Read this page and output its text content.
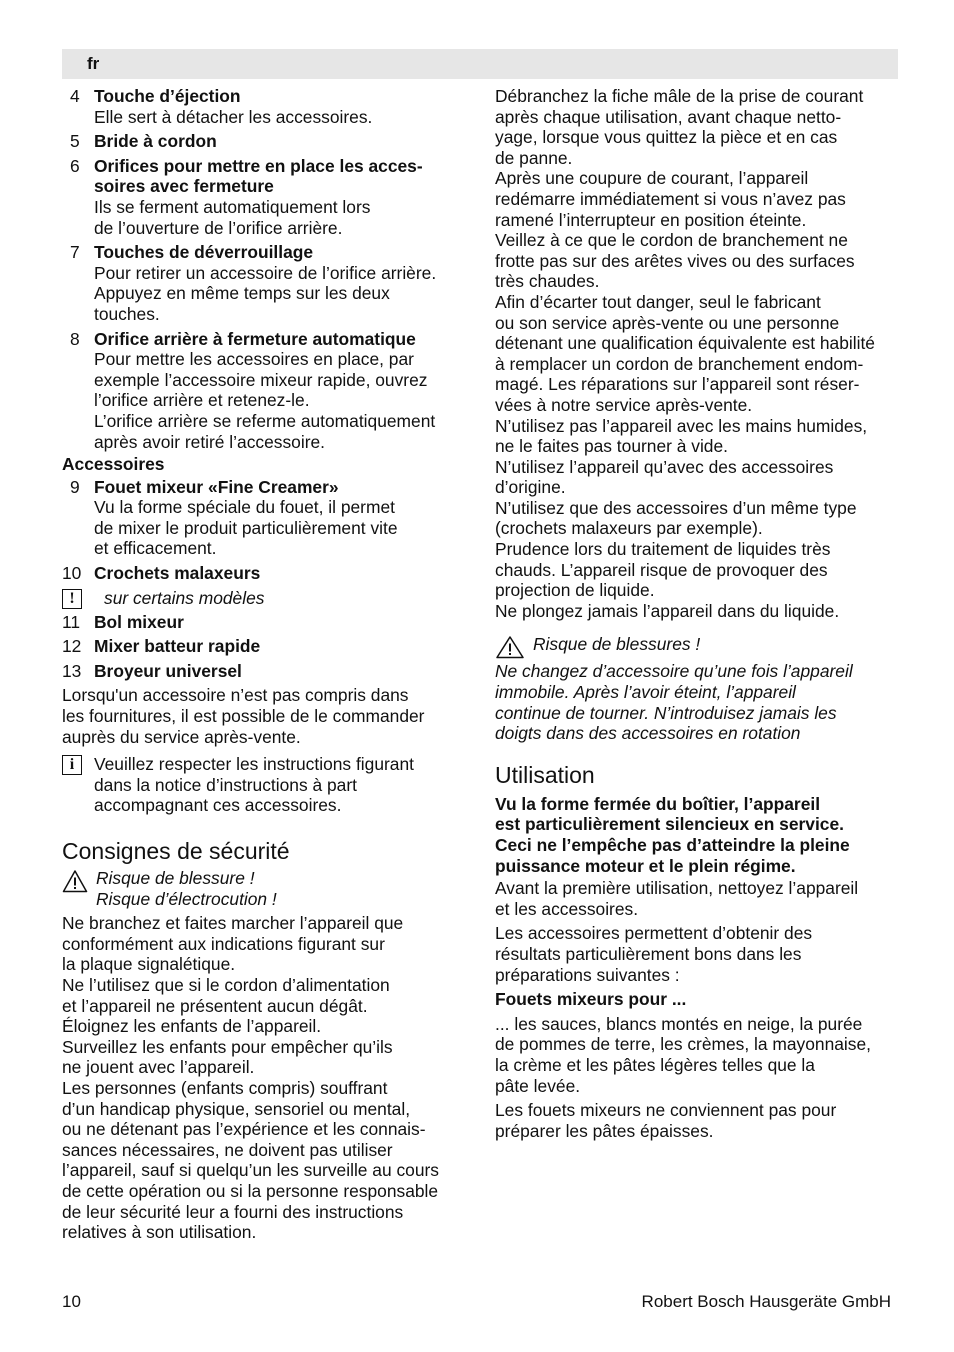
fr
4 Touche d’éjection

Elle sert à détacher les accessoires.

5 Bride à cordon

6 Orifices pour mettre en place les acces-

soires avec fermeture

Ils se ferment automatiquement lors

de l’ouverture de l’orifice arrière.

7 Touches de déverrouillage

Pour retirer un accessoire de l’orifice arrière.

Appuyez en même temps sur les deux

touches.

8 Orifice arrière à fermeture automatique

Pour mettre les accessoires en place, par

exemple l’accessoire mixeur rapide, ouvrez

l’orifice arrière et retenez-le.

L’orifice arrière se referme automatiquement

après avoir retiré l’accessoire.

Accessoires

9 Fouet mixeur «Fine Creamer»

Vu la forme spéciale du fouet, il permet

de mixer le produit particulièrement vite

et efficacement.

10 Crochets malaxeurs

!	sur certains modèles

11 Bol mixeur

12 Mixer batteur rapide

13 Broyeur universel

Lorsqu'un accessoire n’est pas compris dans

les fournitures, il est possible de le commander

auprès du service après-vente.

i	Veuillez respecter les instructions figurant

dans la notice d’instructions à part

accompagnant ces accessoires.

Consignes de sécurité

Risque de blessure !

Risque d’électrocution !

Ne branchez et faites marcher l’appareil que

conformément aux indications figurant sur

la plaque signalétique.

Ne l’utilisez que si le cordon d’alimentation

et l’appareil ne présentent aucun dégât.

Éloignez les enfants de l’appareil.

Surveillez les enfants pour empêcher qu’ils

ne jouent avec l’appareil.

Les personnes (enfants compris) souffrant

d’un handicap physique, sensoriel ou mental,

ou ne détenant pas l’expérience et les connais-

sances nécessaires, ne doivent pas utiliser

l’appareil, sauf si quelqu’un les surveille au cours

de cette opération ou si la personne responsable

de leur sécurité leur a fourni des instructions

relatives à son utilisation.

Débranchez la fiche mâle de la prise de courant

après chaque utilisation, avant chaque netto-

yage, lorsque vous quittez la pièce et en cas

de panne.

Après une coupure de courant, l’appareil

redémarre immédiatement si vous n’avez pas

ramené l’interrupteur en position éteinte.

Veillez à ce que le cordon de branchement ne

frotte pas sur des arêtes vives ou des surfaces

très chaudes.

Afin d’écarter tout danger, seul le fabricant

ou son service après-vente ou une personne

détenant une qualification équivalente est habilité

à remplacer un cordon de branchement endom-

magé. Les réparations sur l’appareil sont réser-

vées à notre service après-vente.

N’utilisez pas l’appareil avec les mains humides,

ne le faites pas tourner à vide.

N’utilisez l’appareil qu’avec des accessoires

d’origine.

N’utilisez que des accessoires d’un même type

(crochets malaxeurs par exemple).

Prudence lors du traitement de liquides très

chauds. L’appareil risque de provoquer des

projection de liquide.

Ne plongez jamais l’appareil dans du liquide.

Risque de blessures !

Ne changez d’accessoire qu’une fois l’appareil

immobile. Après l’avoir éteint, l’appareil

continue de tourner. N’introduisez jamais les

doigts dans des accessoires en rotation

Utilisation

Vu la forme fermée du boîtier, l’appareil

est particulièrement silencieux en service.

Ceci ne l’empêche pas d’atteindre la pleine

puissance moteur et le plein régime.

Avant la première utilisation, nettoyez l’appareil

et les accessoires.

Les accessoires permettent d’obtenir des

résultats particulièrement bons dans les

préparations suivantes :

Fouets mixeurs pour ...

... les sauces, blancs montés en neige, la purée

de pommes de terre, les crèmes, la mayonnaise,

la crème et les pâtes légères telles que la

pâte levée.

Les fouets mixeurs ne conviennent pas pour

préparer les pâtes épaisses.

10	Robert Bosch Hausgeräte GmbH
